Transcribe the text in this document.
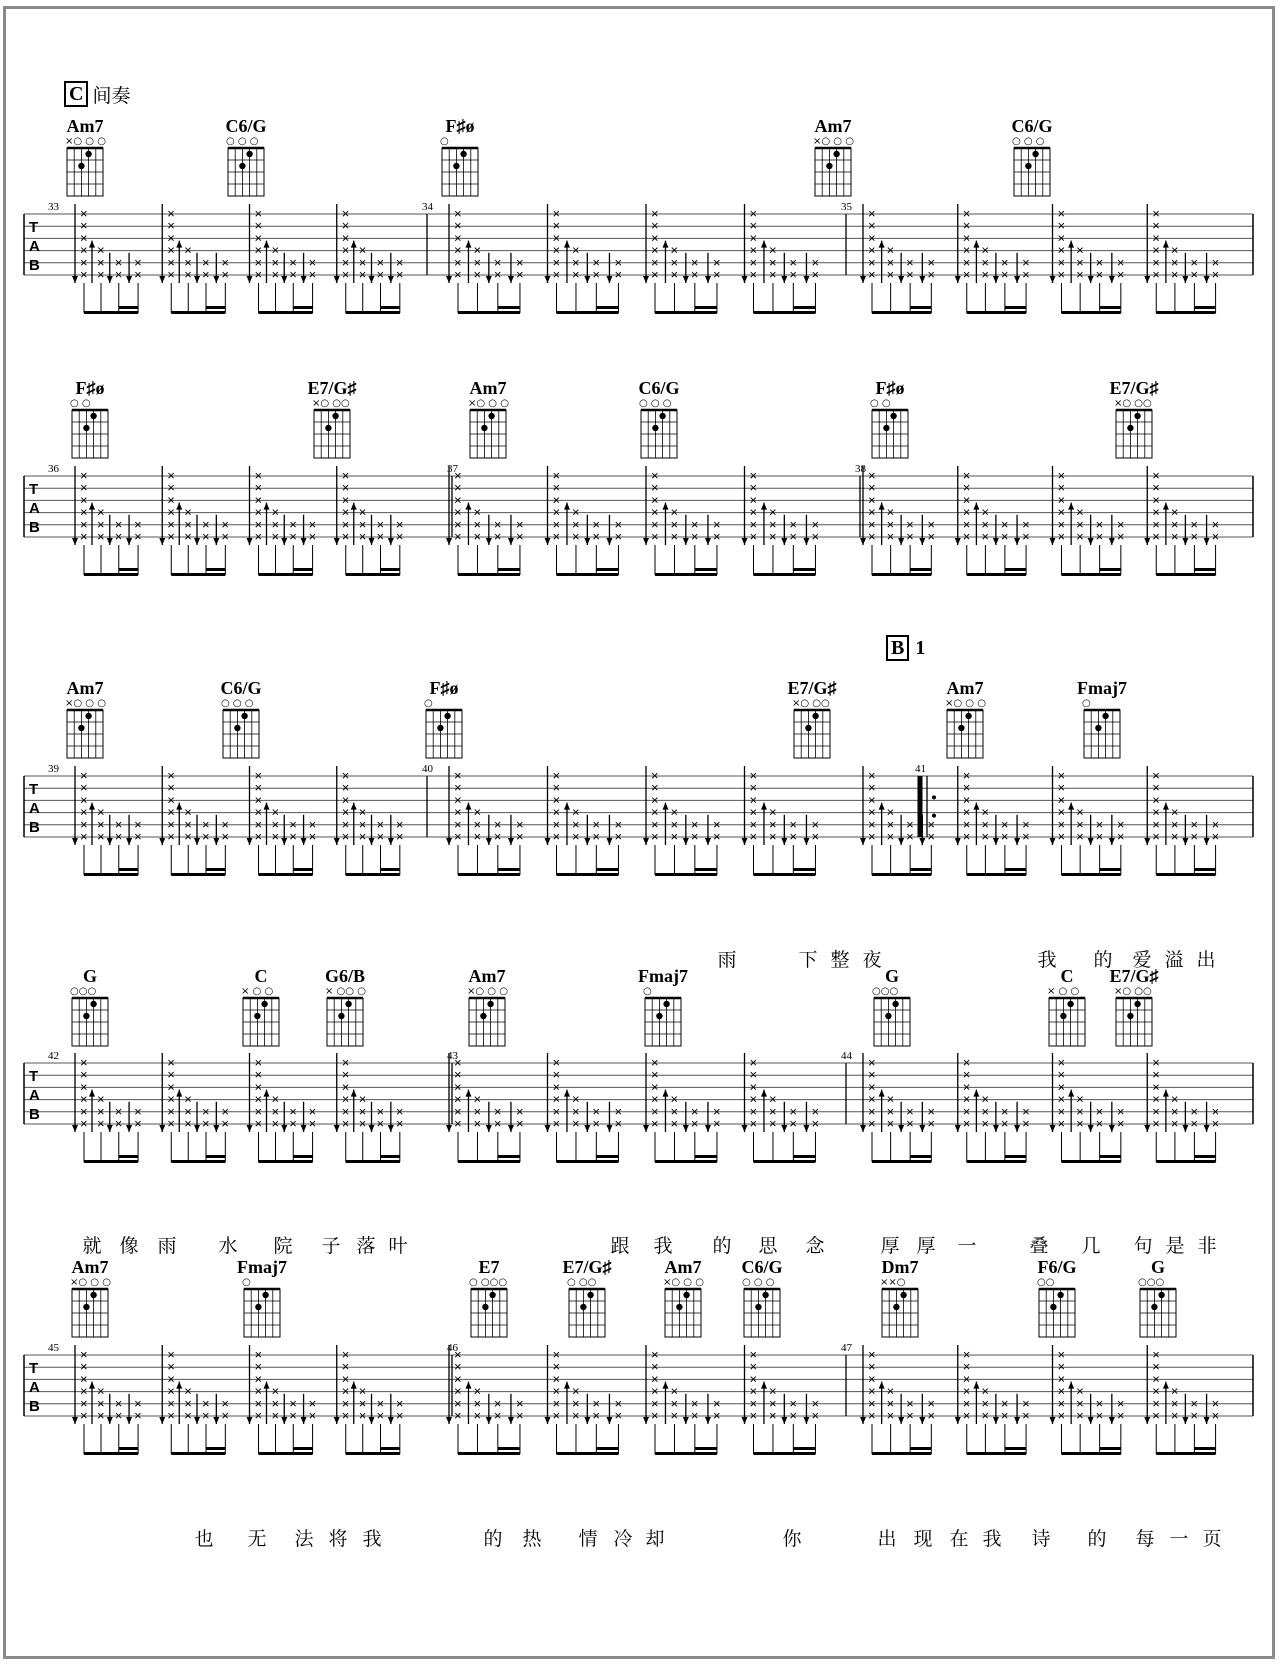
C 间奏
B 1
T
A
B
33	34	35
Am7
×○ ○ ○
C6/G
○ ○ ○
F♯ø
○
Am7
×○ ○ ○
C6/G
○ ○ ○
×
×
×
×
×
×
×
×
×
×
×
×
×
×
×
×
×
×
×
×
×
×
×
×
×
×
×
×
×
×
×
×
×
×
×
×
×
×
×
×
×
×
×
×
×
×
×
×
×
×
×
×
×
×
×
×
×
×
×
×
×
×
×
×
×
×
×
×
×
×
×
×
×
×
×
×
×
×
×
×
×
×
×
×
×
×
×
×
×
×
×
×
×
×
×
×
×
×
×
×
×
×
×
×
×
×
×
×
×
×
×
×
×
×
×
×
×
×
×
×
×
×
×
×
×
×
×
×
×
×
×
×
×
×
×
×
×
×
×
×
×
×
×
×
×
×
×
×
×
×
×
×
×
×
×
×
T
A
B
36	37	38
F♯ø
○ ○
E7/G♯
×○ ○○
Am7
×○ ○ ○
C6/G
○ ○ ○
F♯ø
○ ○
E7/G♯
×○ ○○
×
×
×
×
×
×
×
×
×
×
×
×
×
×
×
×
×
×
×
×
×
×
×
×
×
×
×
×
×
×
×
×
×
×
×
×
×
×
×
×
×
×
×
×
×
×
×
×
×
×
×
×
×
×
×
×
×
×
×
×
×
×
×
×
×
×
×
×
×
×
×
×
×
×
×
×
×
×
×
×
×
×
×
×
×
×
×
×
×
×
×
×
×
×
×
×
×
×
×
×
×
×
×
×
×
×
×
×
×
×
×
×
×
×
×
×
×
×
×
×
×
×
×
×
×
×
×
×
×
×
×
×
×
×
×
×
×
×
×
×
×
×
×
×
×
×
×
×
×
×
×
×
×
×
×
×
T
A
B
39	40	41
Am7
×○ ○ ○
C6/G
○ ○ ○
F♯ø
○
E7/G♯
×○ ○○
Am7
×○ ○ ○
Fmaj7
○
×
×
×
×
×
×
×
×
×
×
×
×
×
×
×
×
×
×
×
×
×
×
×
×
×
×
×
×
×
×
×
×
×
×
×
×
×
×
×
×
×
×
×
×
×
×
×
×
×
×
×
×
×
×
×
×
×
×
×
×
×
×
×
×
×
×
×
×
×
×
×
×
×
×
×
×
×
×
×
×
×
×
×
×
×
×
×
×
×
×
×
×
×
×
×
×
×
×
×
×
×
×
×
×
×
×
×
×
×
×
×
×
×
×
×
×
×
×
×
×
×
×
×
×
×
×
×
×
×
×
×
×
×
×
×
×
×
×
×
×
×
×
×
×
×
×
×
×
×
×
×
×
×
×
×
×
雨	下 整 夜	我 的 爱 溢 出
T
A
B
42	43	44
G
○○○
C
× ○ ○
G6/B
× ○○ ○
Am7
×○ ○ ○
Fmaj7
○
G
○○○
C
× ○ ○
E7/G♯
×○ ○○
×
×
×
×
×
×
×
×
×
×
×
×
×
×
×
×
×
×
×
×
×
×
×
×
×
×
×
×
×
×
×
×
×
×
×
×
×
×
×
×
×
×
×
×
×
×
×
×
×
×
×
×
×
×
×
×
×
×
×
×
×
×
×
×
×
×
×
×
×
×
×
×
×
×
×
×
×
×
×
×
×
×
×
×
×
×
×
×
×
×
×
×
×
×
×
×
×
×
×
×
×
×
×
×
×
×
×
×
×
×
×
×
×
×
×
×
×
×
×
×
×
×
×
×
×
×
×
×
×
×
×
×
×
×
×
×
×
×
×
×
×
×
×
×
×
×
×
×
×
×
×
×
×
×
×
×
就 像 雨 水 院 子 落 叶	跟 我 的 思 念	厚 厚 一	叠 几 句 是 非
T
A
B
45	46	47
Am7
×○ ○ ○
Fmaj7
○
E7
○ ○○○
E7/G♯
○ ○○
Am7
×○ ○ ○
C6/G
○ ○ ○
Dm7
××○
F6/G
○○
G
○○○
×
×
×
×
×
×
×
×
×
×
×
×
×
×
×
×
×
×
×
×
×
×
×
×
×
×
×
×
×
×
×
×
×
×
×
×
×
×
×
×
×
×
×
×
×
×
×
×
×
×
×
×
×
×
×
×
×
×
×
×
×
×
×
×
×
×
×
×
×
×
×
×
×
×
×
×
×
×
×
×
×
×
×
×
×
×
×
×
×
×
×
×
×
×
×
×
×
×
×
×
×
×
×
×
×
×
×
×
×
×
×
×
×
×
×
×
×
×
×
×
×
×
×
×
×
×
×
×
×
×
×
×
×
×
×
×
×
×
×
×
×
×
×
×
×
×
×
×
×
×
×
×
×
×
×
×
也 无 法 将 我	的 热 情 冷 却	你	出 现 在 我 诗 的 每 一 页
